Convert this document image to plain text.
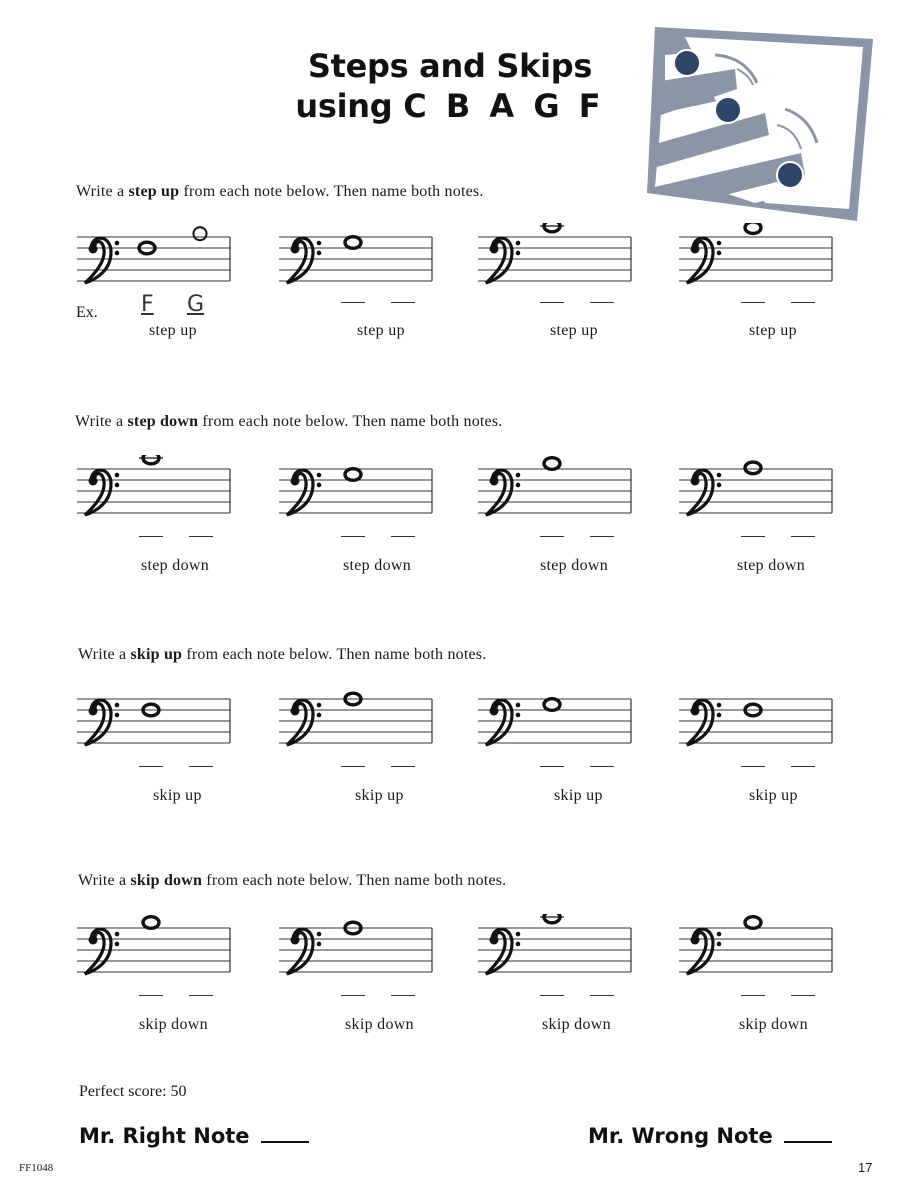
Steps and Skips
using C B A G F
Write a step up from each note below. Then name both notes.
step up
Ex. F G
step up	step up	step up
Write a step down from each note below. Then name both notes.
step down	step down	step down	step down
Write a skip up from each note below. Then name both notes.
skip up	skip up	skip up	skip up
Write a skip down from each note below. Then name both notes.
skip down	skip down	skip down	skip down
Perfect score: 50
Mr. Right Note	Mr. Wrong Note
FF1048	17
